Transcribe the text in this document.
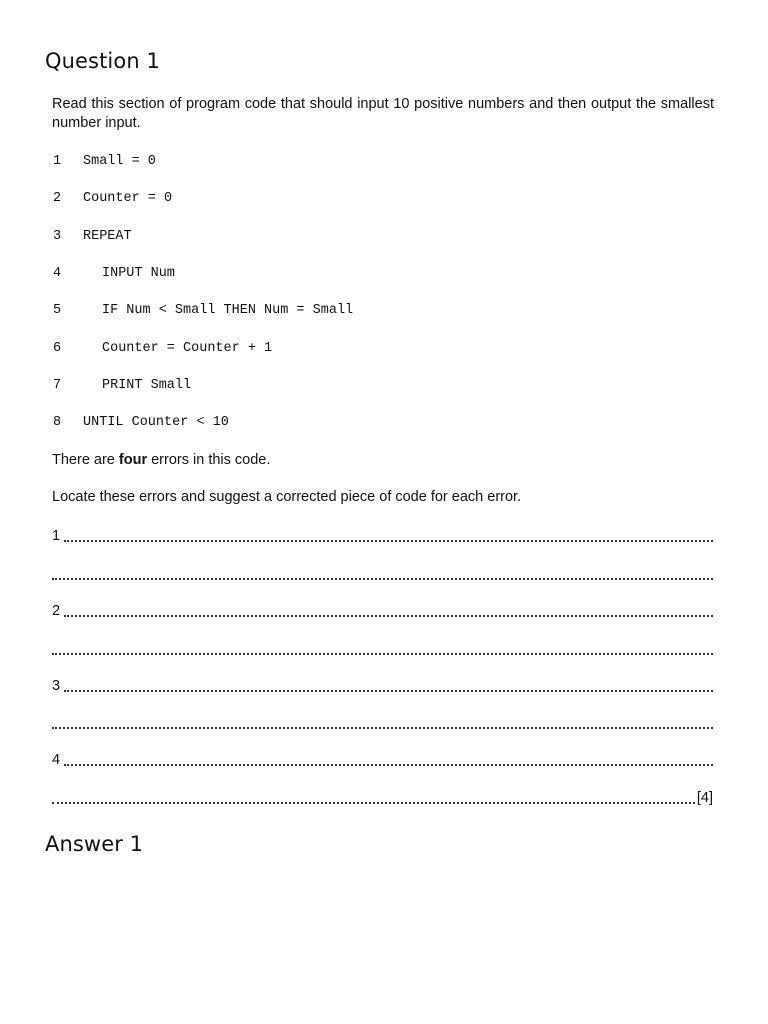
Question 1

Read this section of program code that should input 10 positive numbers and then output the smallest number input.

1 Small = 0
2 Counter = 0
3 REPEAT
4	INPUT Num
5	IF Num < Small THEN Num = Small
6	Counter = Counter + 1
7	PRINT Small
8 UNTIL Counter < 10

There are four errors in this code.

Locate these errors and suggest a corrected piece of code for each error.

1
2
3
4
[4]
Answer 1
